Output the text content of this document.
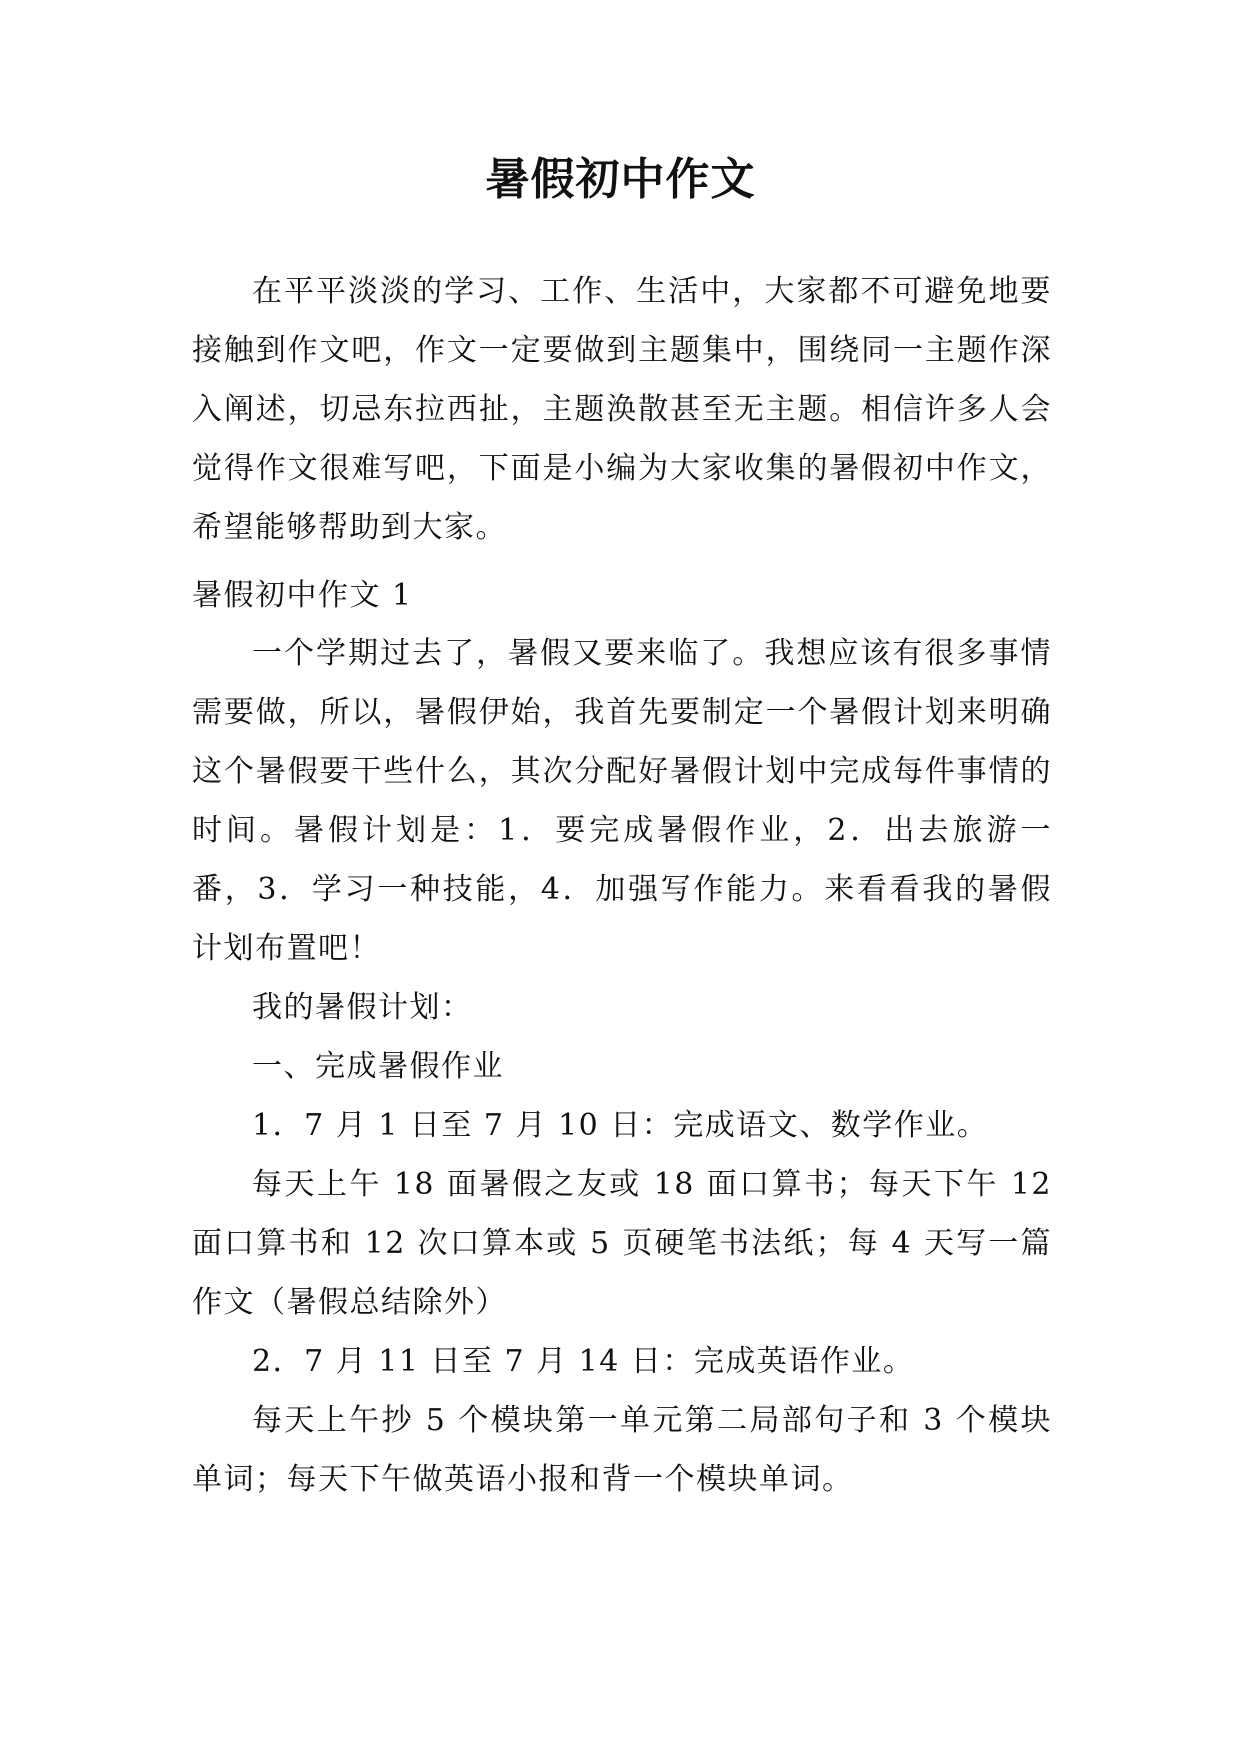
暑假初中作文

在平平淡淡的学习、工作、生活中，大家都不可避免地要接触到作文吧，作文一定要做到主题集中，围绕同一主题作深入阐述，切忌东拉西扯，主题涣散甚至无主题。相信许多人会觉得作文很难写吧，下面是小编为大家收集的暑假初中作文，希望能够帮助到大家。

暑假初中作文 1

一个学期过去了，暑假又要来临了。我想应该有很多事情需要做，所以，暑假伊始，我首先要制定一个暑假计划来明确这个暑假要干些什么，其次分配好暑假计划中完成每件事情的时间。暑假计划是：1．要完成暑假作业，2．出去旅游一番，3．学习一种技能，4．加强写作能力。来看看我的暑假计划布置吧！

我的暑假计划：

一、完成暑假作业

1．7 月 1 日至 7 月 10 日：完成语文、数学作业。

每天上午 18 面暑假之友或 18 面口算书；每天下午 12 面口算书和 12 次口算本或 5 页硬笔书法纸；每 4 天写一篇作文（暑假总结除外）

2．7 月 11 日至 7 月 14 日：完成英语作业。

每天上午抄 5 个模块第一单元第二局部句子和 3 个模块单词；每天下午做英语小报和背一个模块单词。
